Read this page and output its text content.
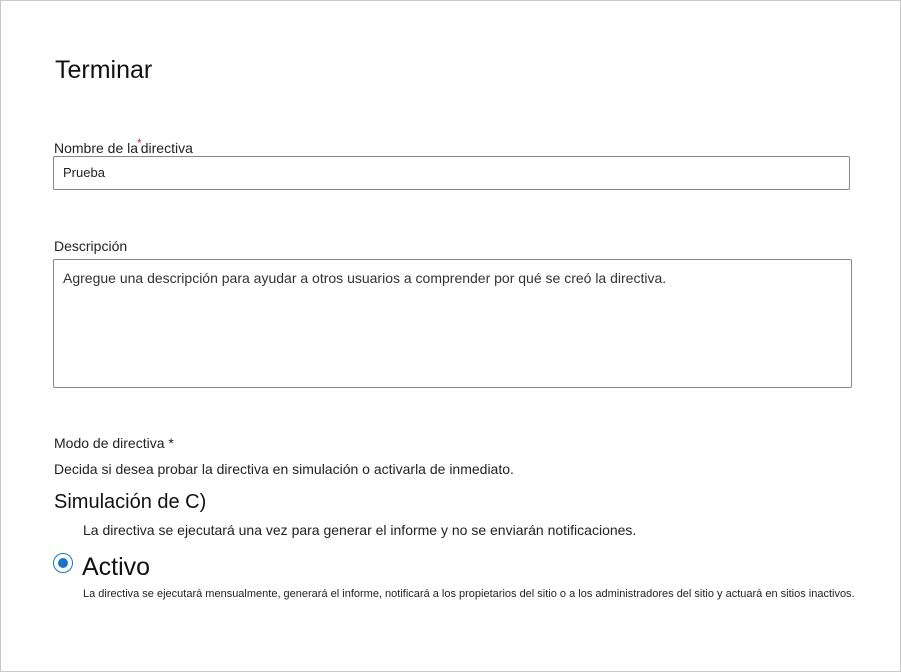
Terminar
Nombre de la*directiva
Prueba
Descripción
Agregue una descripción para ayudar a otros usuarios a comprender por qué se creó la directiva.
Modo de directiva *
Decida si desea probar la directiva en simulación o activarla de inmediato.
Simulación de C)
La directiva se ejecutará una vez para generar el informe y no se enviarán notificaciones.
Activo
La directiva se ejecutará mensualmente, generará el informe, notificará a los propietarios del sitio o a los administradores del sitio y actuará en sitios inactivos.
